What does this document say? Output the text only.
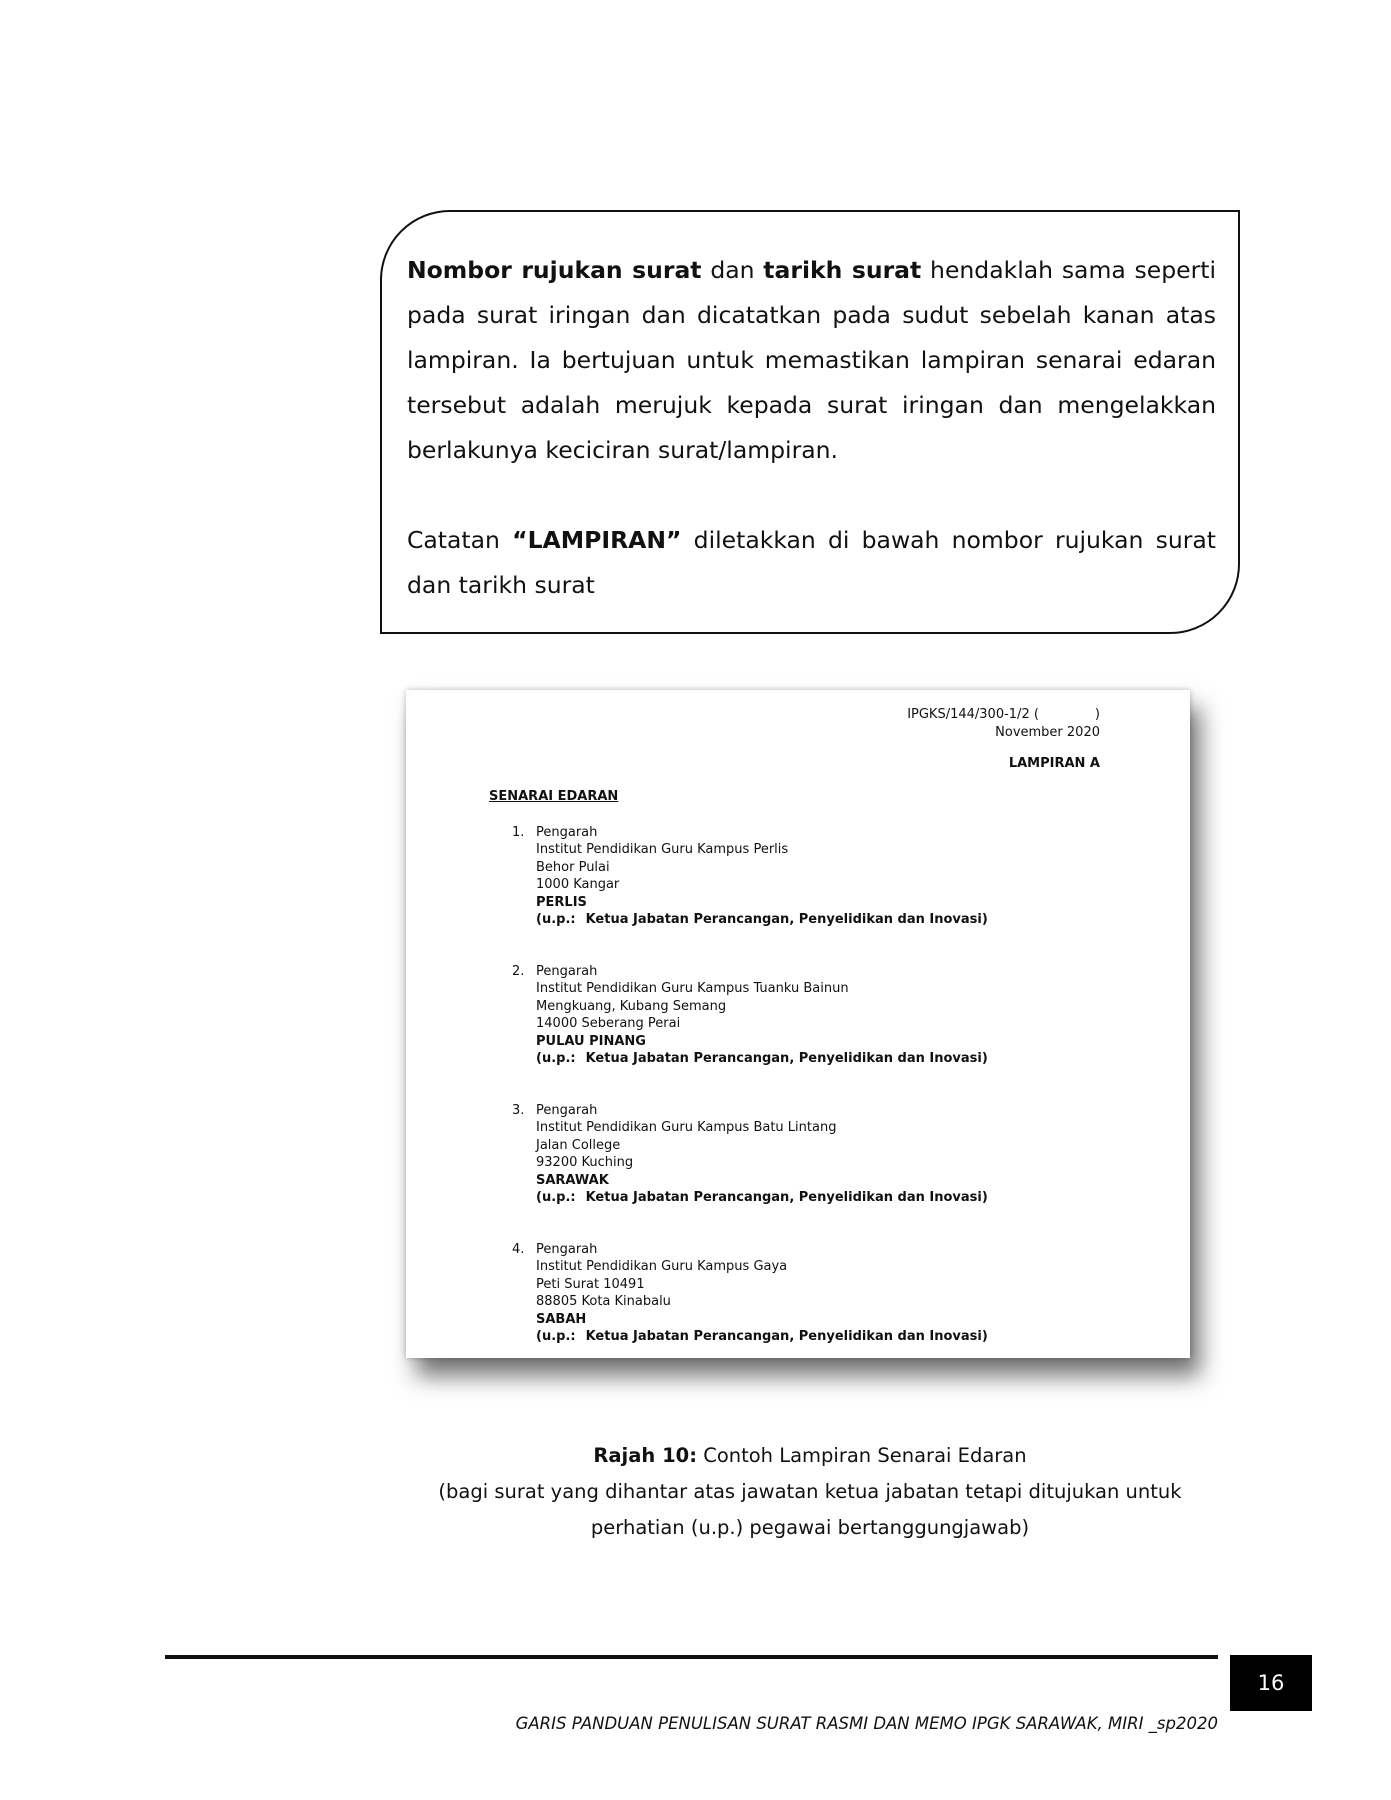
Nombor rujukan surat dan tarikh surat hendaklah sama seperti pada surat iringan dan dicatatkan pada sudut sebelah kanan atas lampiran. Ia bertujuan untuk memastikan lampiran senarai edaran tersebut adalah merujuk kepada surat iringan dan mengelakkan berlakunya keciciran surat/lampiran.

Catatan “LAMPIRAN” diletakkan di bawah nombor rujukan surat dan tarikh surat

IPGKS/144/300-1/2 (	)
November 2020
LAMPIRAN A
SENARAI EDARAN
1. Pengarah
Institut Pendidikan Guru Kampus Perlis
Behor Pulai
1000 Kangar
PERLIS
(u.p.: Ketua Jabatan Perancangan, Penyelidikan dan Inovasi)
2. Pengarah
Institut Pendidikan Guru Kampus Tuanku Bainun
Mengkuang, Kubang Semang
14000 Seberang Perai
PULAU PINANG
(u.p.: Ketua Jabatan Perancangan, Penyelidikan dan Inovasi)
3. Pengarah
Institut Pendidikan Guru Kampus Batu Lintang
Jalan College
93200 Kuching
SARAWAK
(u.p.: Ketua Jabatan Perancangan, Penyelidikan dan Inovasi)
4. Pengarah
Institut Pendidikan Guru Kampus Gaya
Peti Surat 10491
88805 Kota Kinabalu
SABAH
(u.p.: Ketua Jabatan Perancangan, Penyelidikan dan Inovasi)
Rajah 10: Contoh Lampiran Senarai Edaran
(bagi surat yang dihantar atas jawatan ketua jabatan tetapi ditujukan untuk
perhatian (u.p.) pegawai bertanggungjawab)
16
GARIS PANDUAN PENULISAN SURAT RASMI DAN MEMO IPGK SARAWAK, MIRI _sp2020
